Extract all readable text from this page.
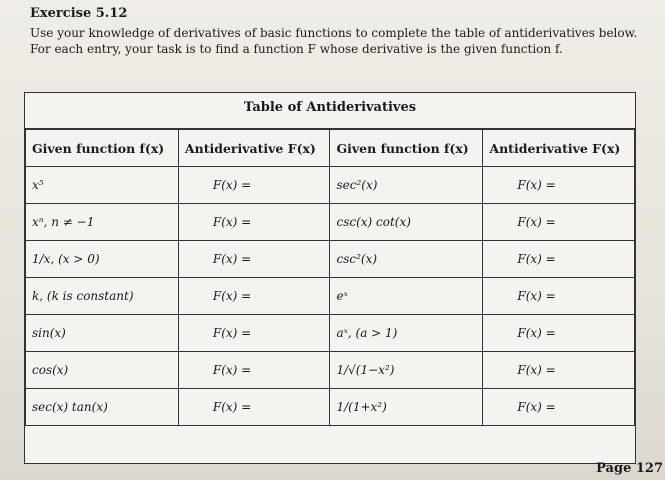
Exercise 5.12
Use your knowledge of derivatives of basic functions to complete the table of antiderivatives below.
For each entry, your task is to find a function F whose derivative is the given function f.
Table of Antiderivatives
Given function f(x)	Antiderivative F(x)	Given function f(x)	Antiderivative F(x)
x⁵	F(x) =	sec²(x)	F(x) =
xⁿ, n ≠ −1	F(x) =	csc(x) cot(x)	F(x) =
1/x, (x > 0)	F(x) =	csc²(x)	F(x) =
k, (k is constant)	F(x) =	eˣ	F(x) =
sin(x)	F(x) =	aˣ, (a > 1)	F(x) =
cos(x)	F(x) =	1/√(1−x²)	F(x) =
sec(x) tan(x)	F(x) =	1/(1+x²)	F(x) =
Page 127
